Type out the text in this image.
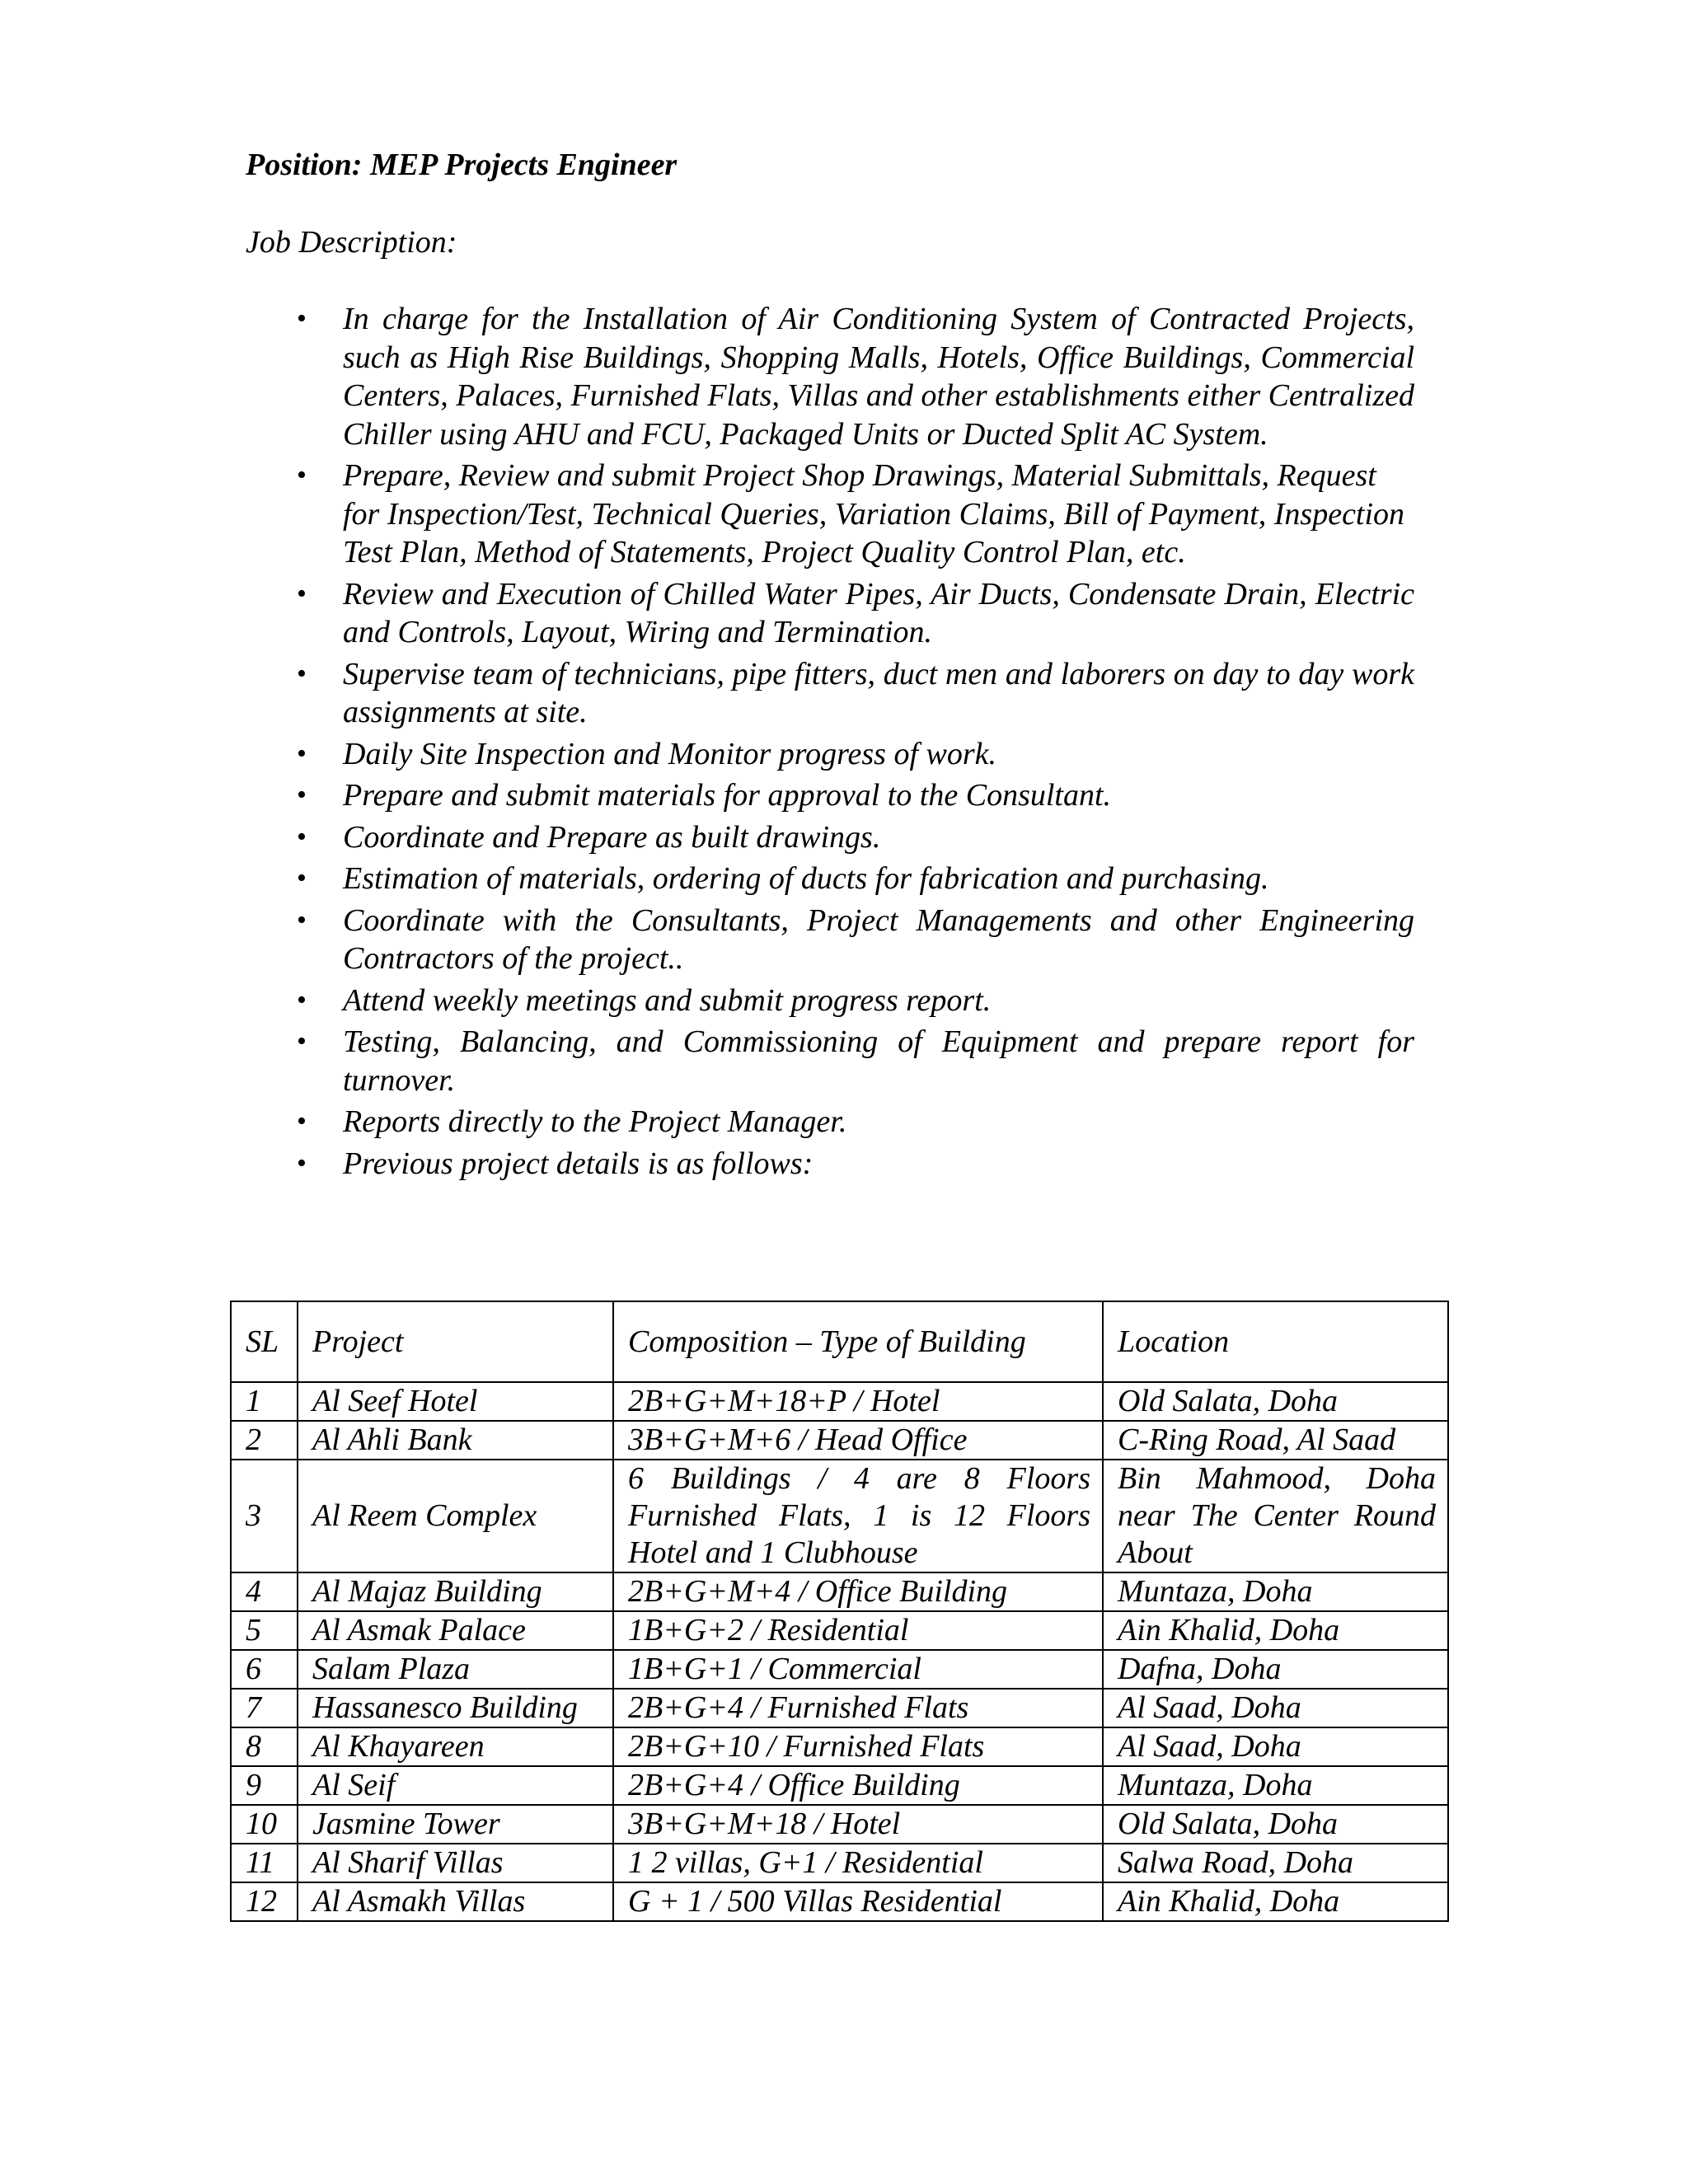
Position: MEP Projects Engineer
Job Description:
• In charge for the Installation of Air Conditioning System of Contracted Projects, such as High Rise Buildings, Shopping Malls, Hotels, Office Buildings, Commercial Centers, Palaces, Furnished Flats, Villas and other establishments either Centralized Chiller using AHU and FCU, Packaged Units or Ducted Split AC System.
• Prepare, Review and submit Project Shop Drawings, Material Submittals, Request for Inspection/Test, Technical Queries, Variation Claims, Bill of Payment, Inspection Test Plan, Method of Statements, Project Quality Control Plan, etc.
• Review and Execution of Chilled Water Pipes, Air Ducts, Condensate Drain, Electric and Controls, Layout, Wiring and Termination.
• Supervise team of technicians, pipe fitters, duct men and laborers on day to day work assignments at site.
• Daily Site Inspection and Monitor progress of work.
• Prepare and submit materials for approval to the Consultant.
• Coordinate and Prepare as built drawings.
• Estimation of materials, ordering of ducts for fabrication and purchasing.
• Coordinate with the Consultants, Project Managements and other Engineering Contractors of the project..
• Attend weekly meetings and submit progress report.
• Testing, Balancing, and Commissioning of Equipment and prepare report for turnover.
• Reports directly to the Project Manager.
• Previous project details is as follows:
SL	Project	Composition – Type of Building	Location
1	Al Seef Hotel	2B+G+M+18+P / Hotel	Old Salata, Doha
2	Al Ahli Bank	3B+G+M+6 / Head Office	C-Ring Road, Al Saad
3	Al Reem Complex	6 Buildings / 4 are 8 Floors Furnished Flats, 1 is 12 Floors Hotel and 1 Clubhouse	Bin Mahmood, Doha near The Center Round About
4	Al Majaz Building	2B+G+M+4 / Office Building	Muntaza, Doha
5	Al Asmak Palace	1B+G+2 / Residential	Ain Khalid, Doha
6	Salam Plaza	1B+G+1 / Commercial	Dafna, Doha
7	Hassanesco Building	2B+G+4 / Furnished Flats	Al Saad, Doha
8	Al Khayareen	2B+G+10 / Furnished Flats	Al Saad, Doha
9	Al Seif	2B+G+4 / Office Building	Muntaza, Doha
10	Jasmine Tower	3B+G+M+18 / Hotel	Old Salata, Doha
11	Al Sharif Villas	1 2 villas, G+1 / Residential	Salwa Road, Doha
12	Al Asmakh Villas	G + 1 / 500 Villas Residential	Ain Khalid, Doha
